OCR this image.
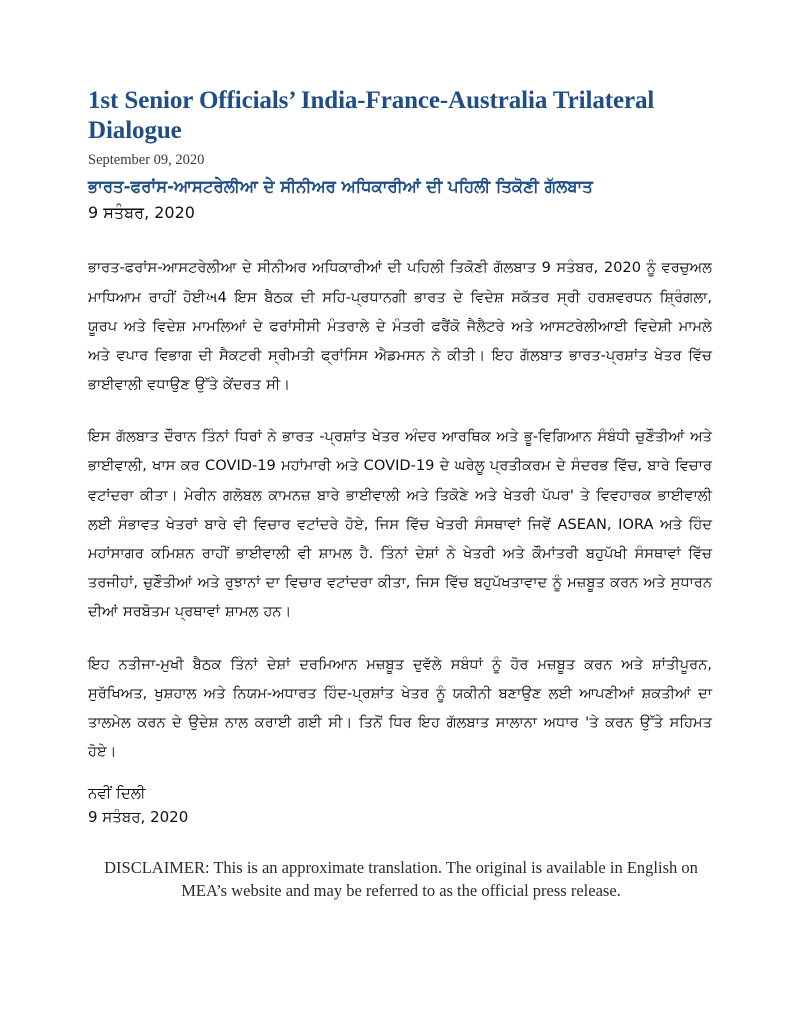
1st Senior Officials’ India-France-Australia Trilateral Dialogue

September 09, 2020

ਭਾਰਤ-ਫਰਾਂਸ-ਆਸਟਰੇਲੀਆ ਦੇ ਸੀਨੀਅਰ ਅਧਿਕਾਰੀਆਂ ਦੀ ਪਹਿਲੀ ਤਿਕੋਣੀ ਗੱਲਬਾਤ

9 ਸਤੰਬਰ, 2020

ਭਾਰਤ-ਫਰਾਂਸ-ਆਸਟਰੇਲੀਆ ਦੇ ਸੀਨੀਅਰ ਅਧਿਕਾਰੀਆਂ ਦੀ ਪਹਿਲੀ ਤਿਕੋਣੀ ਗੱਲਬਾਤ 9 ਸਤੰਬਰ, 2020 ਨੂੰ ਵਰਚੁਅਲ ਮਾਧਿਆਮ ਰਾਹੀਂ ਹੋਈખ4 ਇਸ ਬੈਠਕ ਦੀ ਸਹਿ-ਪ੍ਰਧਾਨਗੀ ਭਾਰਤ ਦੇ ਵਿਦੇਸ਼ ਸਕੱਤਰ ਸ੍ਰੀ ਹਰਸ਼ਵਰਧਨ ਸ਼੍ਰਿੰਗਲਾ, ਯੂਰਪ ਅਤੇ ਵਿਦੇਸ਼ ਮਾਮਲਿਆਂ ਦੇ ਫਰਾਂਸੀਸੀ ਮੰਤਰਾਲੇ ਦੇ ਮੰਤਰੀ ਫਰੈਂਕੋ ਜੈਲੈਟਰੇ ਅਤੇ ਆਸਟਰੇਲੀਆਈ ਵਿਦੇਸ਼ੀ ਮਾਮਲੇ ਅਤੇ ਵਪਾਰ ਵਿਭਾਗ ਦੀ ਸੈਕਟਰੀ ਸ੍ਰੀਮਤੀ ਫ੍ਰਾਂਸਿਸ ਐਡਮਸਨ ਨੇ ਕੀਤੀ। ਇਹ ਗੱਲਬਾਤ ਭਾਰਤ-ਪ੍ਰਸ਼ਾਂਤ ਖੇਤਰ ਵਿੱਚ ਭਾਈਵਾਲੀ ਵਧਾਉਣ ਉੱਤੇ ਕੇਂਦਰਤ ਸੀ।

ਇਸ ਗੱਲਬਾਤ ਦੌਰਾਨ ਤਿੰਨਾਂ ਧਿਰਾਂ ਨੇ ਭਾਰਤ -ਪ੍ਰਸ਼ਾਂਤ ਖੇਤਰ ਅੰਦਰ ਆਰਥਿਕ ਅਤੇ ਭੂ-ਵਿਗਿਆਨ ਸੰਬੰਧੀ ਚੁਣੌਤੀਆਂ ਅਤੇ ਭਾਈਵਾਲੀ, ਖਾਸ ਕਰ COVID-19 ਮਹਾਂਮਾਰੀ ਅਤੇ COVID-19 ਦੇ ਘਰੇਲੂ ਪ੍ਰਤੀਕਰਮ ਦੇ ਸੰਦਰਭ ਵਿੱਚ, ਬਾਰੇ ਵਿਚਾਰ ਵਟਾਂਦਰਾ ਕੀਤਾ। ਮੇਰੀਨ ਗਲੋਬਲ ਕਾਮਨਜ਼ ਬਾਰੇ ਭਾਈਵਾਲੀ ਅਤੇ ਤਿਕੋਣੇ ਅਤੇ ਖੇਤਰੀ ਪੱਪਰ' ਤੇ ਵਿਵਹਾਰਕ ਭਾਈਵਾਲੀ ਲਈ ਸੰਭਾਵਤ ਖੇਤਰਾਂ ਬਾਰੇ ਵੀ ਵਿਚਾਰ ਵਟਾਂਦਰੇ ਹੋਏ, ਜਿਸ ਵਿੱਚ ਖੇਤਰੀ ਸੰਸਥਾਵਾਂ ਜਿਵੇਂ ASEAN, IORA ਅਤੇ ਹਿੰਦ ਮਹਾਂਸਾਗਰ ਕਮਿਸ਼ਨ ਰਾਹੀਂ ਭਾਈਵਾਲੀ ਵੀ ਸ਼ਾਮਲ ਹੈ. ਤਿੰਨਾਂ ਦੇਸ਼ਾਂ ਨੇ ਖੇਤਰੀ ਅਤੇ ਕੌਮਾਂਤਰੀ ਬਹੁਪੱਖੀ ਸੰਸਥਾਵਾਂ ਵਿੱਚ ਤਰਜੀਹਾਂ, ਚੁਣੌਤੀਆਂ ਅਤੇ ਰੁਝਾਨਾਂ ਦਾ ਵਿਚਾਰ ਵਟਾਂਦਰਾ ਕੀਤਾ, ਜਿਸ ਵਿੱਚ ਬਹੁਪੱਖਤਾਵਾਦ ਨੂੰ ਮਜ਼ਬੂਤ ਕਰਨ ਅਤੇ ਸੁਧਾਰਨ ਦੀਆਂ ਸਰਬੋਤਮ ਪ੍ਰਥਾਵਾਂ ਸ਼ਾਮਲ ਹਨ।

ਇਹ ਨਤੀਜਾ-ਮੁਖੀ ਬੈਠਕ ਤਿੰਨਾਂ ਦੇਸ਼ਾਂ ਦਰਮਿਆਨ ਮਜ਼ਬੂਤ ਦੁਵੱਲੇ ਸਬੰਧਾਂ ਨੂੰ ਹੋਰ ਮਜ਼ਬੂਤ ਕਰਨ ਅਤੇ ਸ਼ਾਂਤੀਪੂਰਨ, ਸੁਰੱਖਿਅਤ, ਖੁਸ਼ਹਾਲ ਅਤੇ ਨਿਯਮ-ਅਧਾਰਤ ਹਿੰਦ-ਪ੍ਰਸ਼ਾਂਤ ਖੇਤਰ ਨੂੰ ਯਕੀਨੀ ਬਣਾਉਣ ਲਈ ਆਪਣੀਆਂ ਸ਼ਕਤੀਆਂ ਦਾ ਤਾਲਮੇਲ ਕਰਨ ਦੇ ਉਦੇਸ਼ ਨਾਲ ਕਰਾਈ ਗਈ ਸੀ। ਤਿਨੋਂ ਧਿਰ ਇਹ ਗੱਲਬਾਤ ਸਾਲਾਨਾ ਅਧਾਰ 'ਤੇ ਕਰਨ ਉੱਤੇ ਸਹਿਮਤ ਹੋਏ।

ਨਵੀਂ ਦਿਲੀ
9 ਸਤੰਬਰ, 2020
DISCLAIMER: This is an approximate translation. The original is available in English on MEA’s website and may be referred to as the official press release.
